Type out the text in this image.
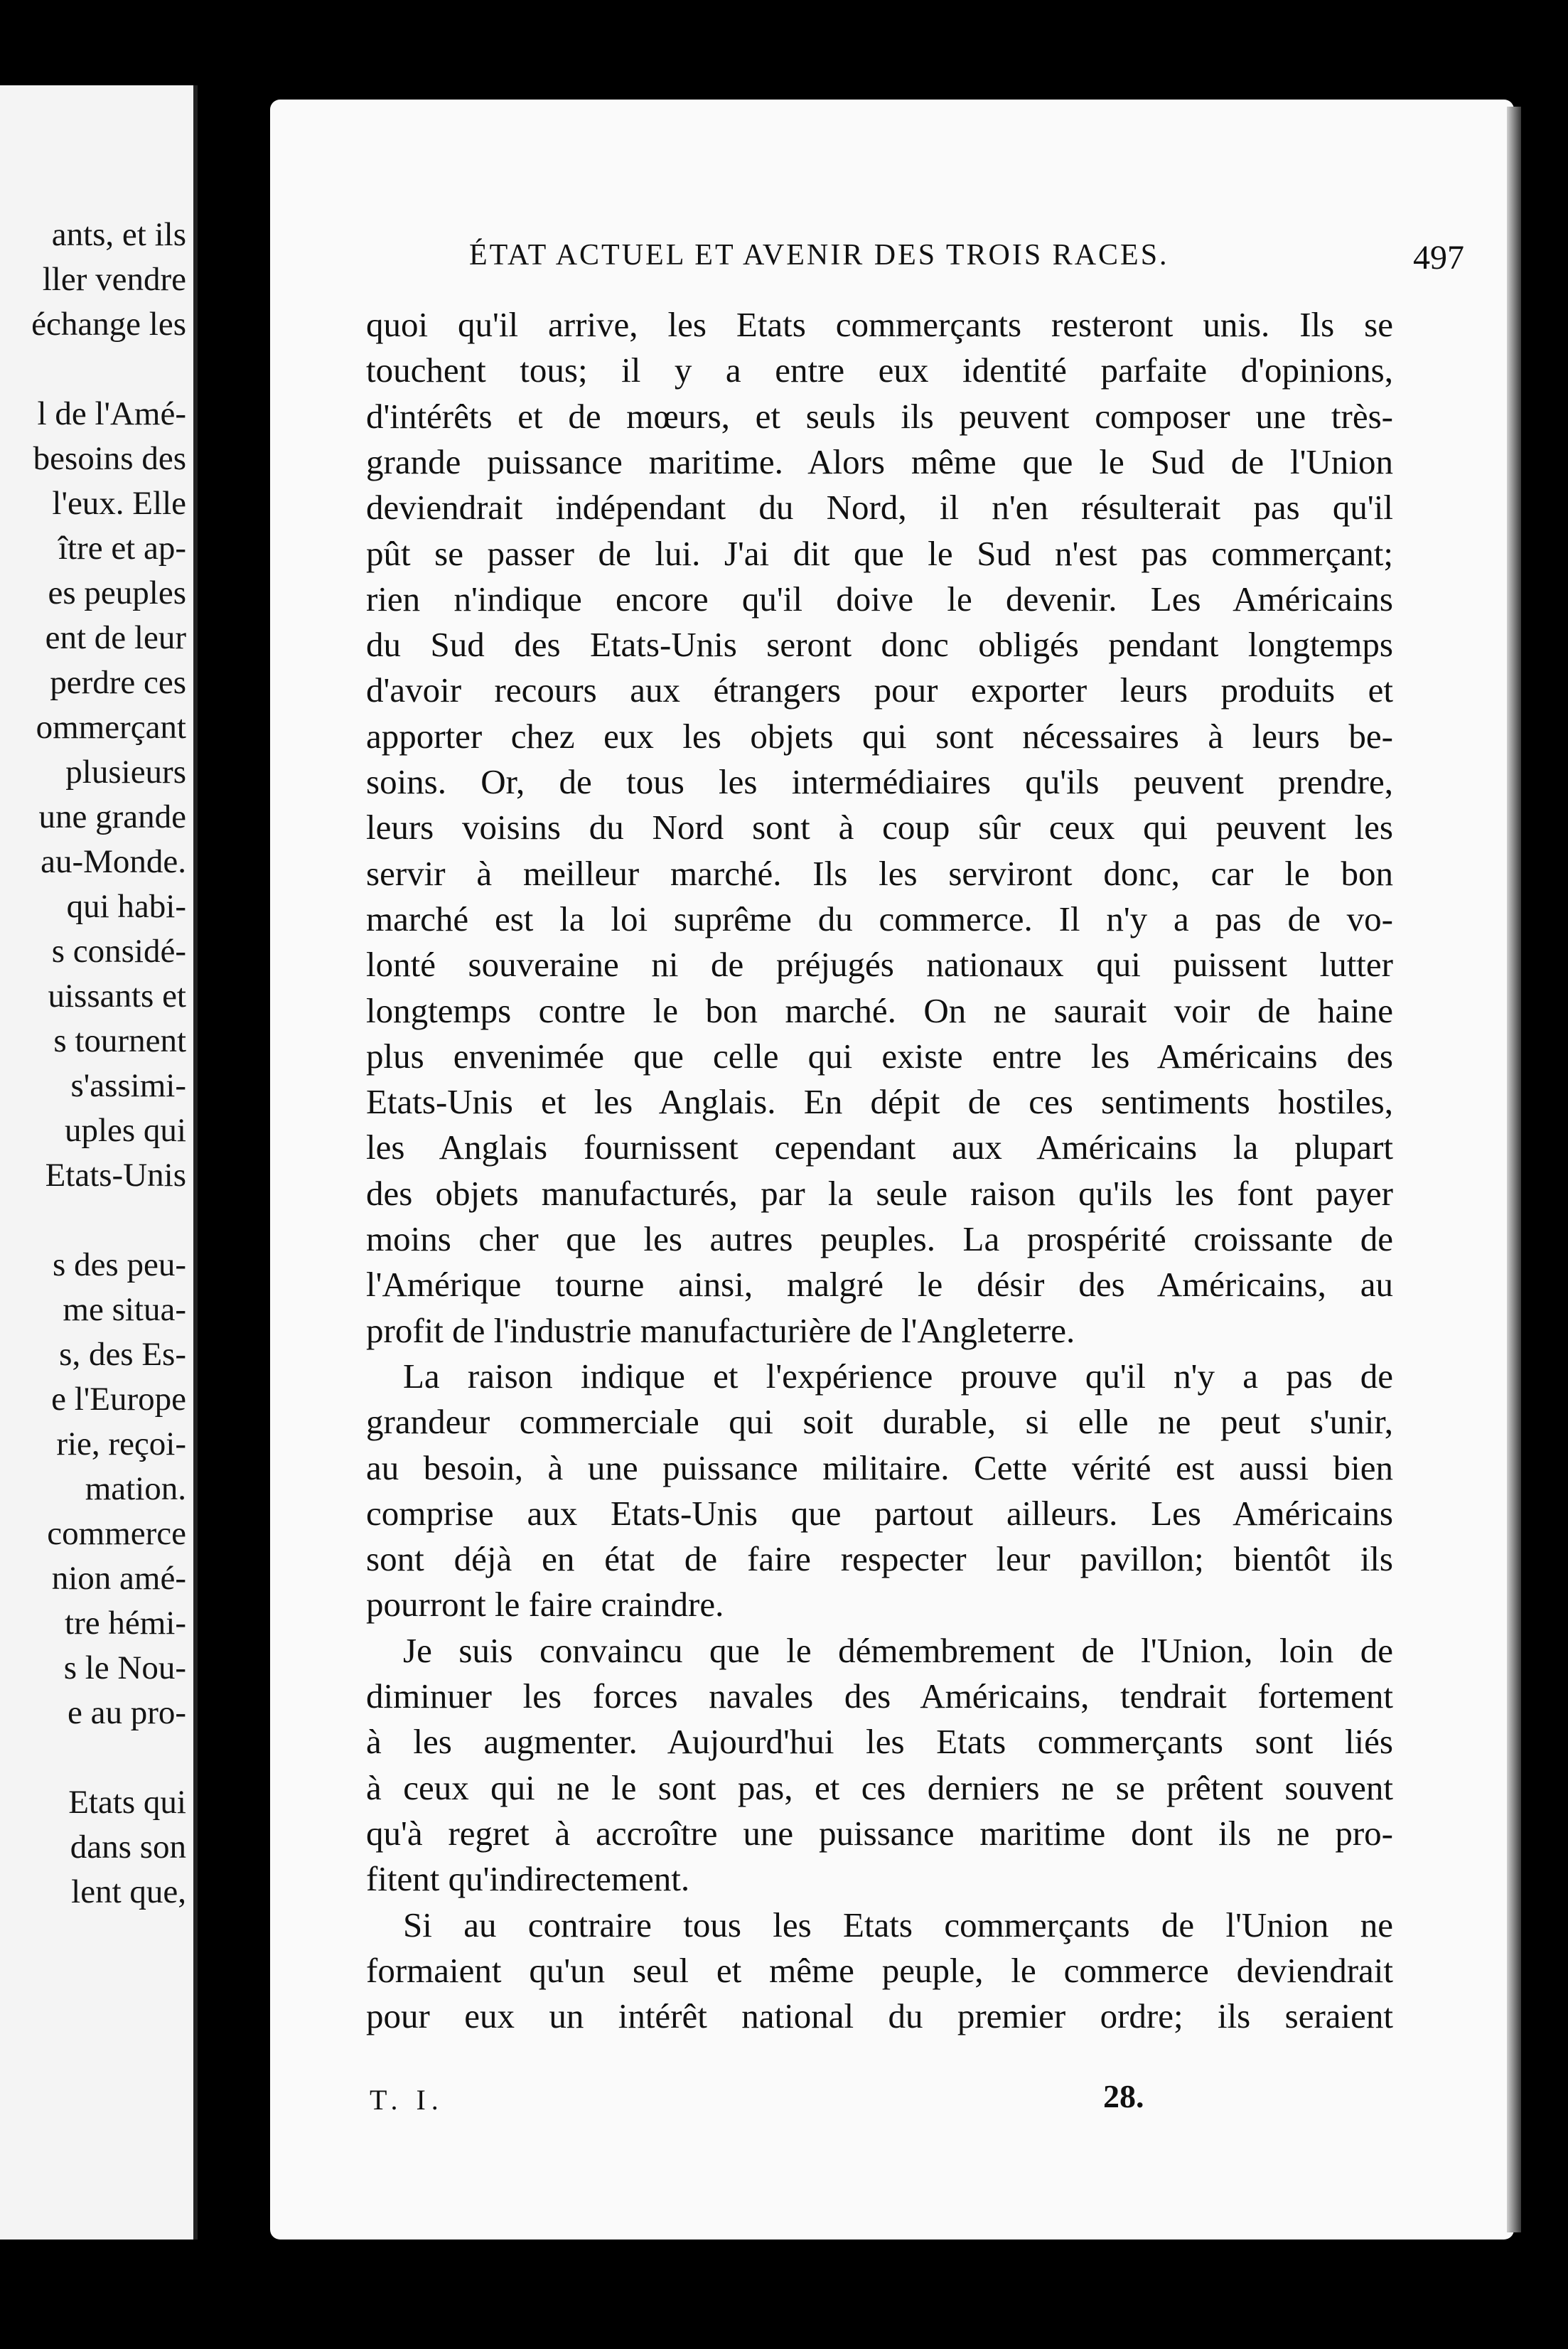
ants, et ils
ller vendre
échange les
l de l'Amé-
besoins des
l'eux. Elle
ître et ap-
es peuples
ent de leur
perdre ces
ommerçant
plusieurs
une grande
au-Monde.
qui habi-
s considé-
uissants et
s tournent
s'assimi-
uples qui
Etats-Unis
s des peu-
me situa-
s, des Es-
e l'Europe
rie, reçoi-
mation.
commerce
nion amé-
tre hémi-
s le Nou-
e au pro-
Etats qui
dans son
lent que,
ÉTAT ACTUEL ET AVENIR DES TROIS RACES.	497
quoi qu'il arrive, les Etats commerçants resteront unis. Ils se
touchent tous; il y a entre eux identité parfaite d'opinions,
d'intérêts et de mœurs, et seuls ils peuvent composer une très-
grande puissance maritime. Alors même que le Sud de l'Union
deviendrait indépendant du Nord, il n'en résulterait pas qu'il
pût se passer de lui. J'ai dit que le Sud n'est pas commerçant;
rien n'indique encore qu'il doive le devenir. Les Américains
du Sud des Etats-Unis seront donc obligés pendant longtemps
d'avoir recours aux étrangers pour exporter leurs produits et
apporter chez eux les objets qui sont nécessaires à leurs be-
soins. Or, de tous les intermédiaires qu'ils peuvent prendre,
leurs voisins du Nord sont à coup sûr ceux qui peuvent les
servir à meilleur marché. Ils les serviront donc, car le bon
marché est la loi suprême du commerce. Il n'y a pas de vo-
lonté souveraine ni de préjugés nationaux qui puissent lutter
longtemps contre le bon marché. On ne saurait voir de haine
plus envenimée que celle qui existe entre les Américains des
Etats-Unis et les Anglais. En dépit de ces sentiments hostiles,
les Anglais fournissent cependant aux Américains la plupart
des objets manufacturés, par la seule raison qu'ils les font payer
moins cher que les autres peuples. La prospérité croissante de
l'Amérique tourne ainsi, malgré le désir des Américains, au
profit de l'industrie manufacturière de l'Angleterre.
La raison indique et l'expérience prouve qu'il n'y a pas de
grandeur commerciale qui soit durable, si elle ne peut s'unir,
au besoin, à une puissance militaire. Cette vérité est aussi bien
comprise aux Etats-Unis que partout ailleurs. Les Américains
sont déjà en état de faire respecter leur pavillon; bientôt ils
pourront le faire craindre.
Je suis convaincu que le démembrement de l'Union, loin de
diminuer les forces navales des Américains, tendrait fortement
à les augmenter. Aujourd'hui les Etats commerçants sont liés
à ceux qui ne le sont pas, et ces derniers ne se prêtent souvent
qu'à regret à accroître une puissance maritime dont ils ne pro-
fitent qu'indirectement.
Si au contraire tous les Etats commerçants de l'Union ne
formaient qu'un seul et même peuple, le commerce deviendrait
pour eux un intérêt national du premier ordre; ils seraient
T. I.	28.
